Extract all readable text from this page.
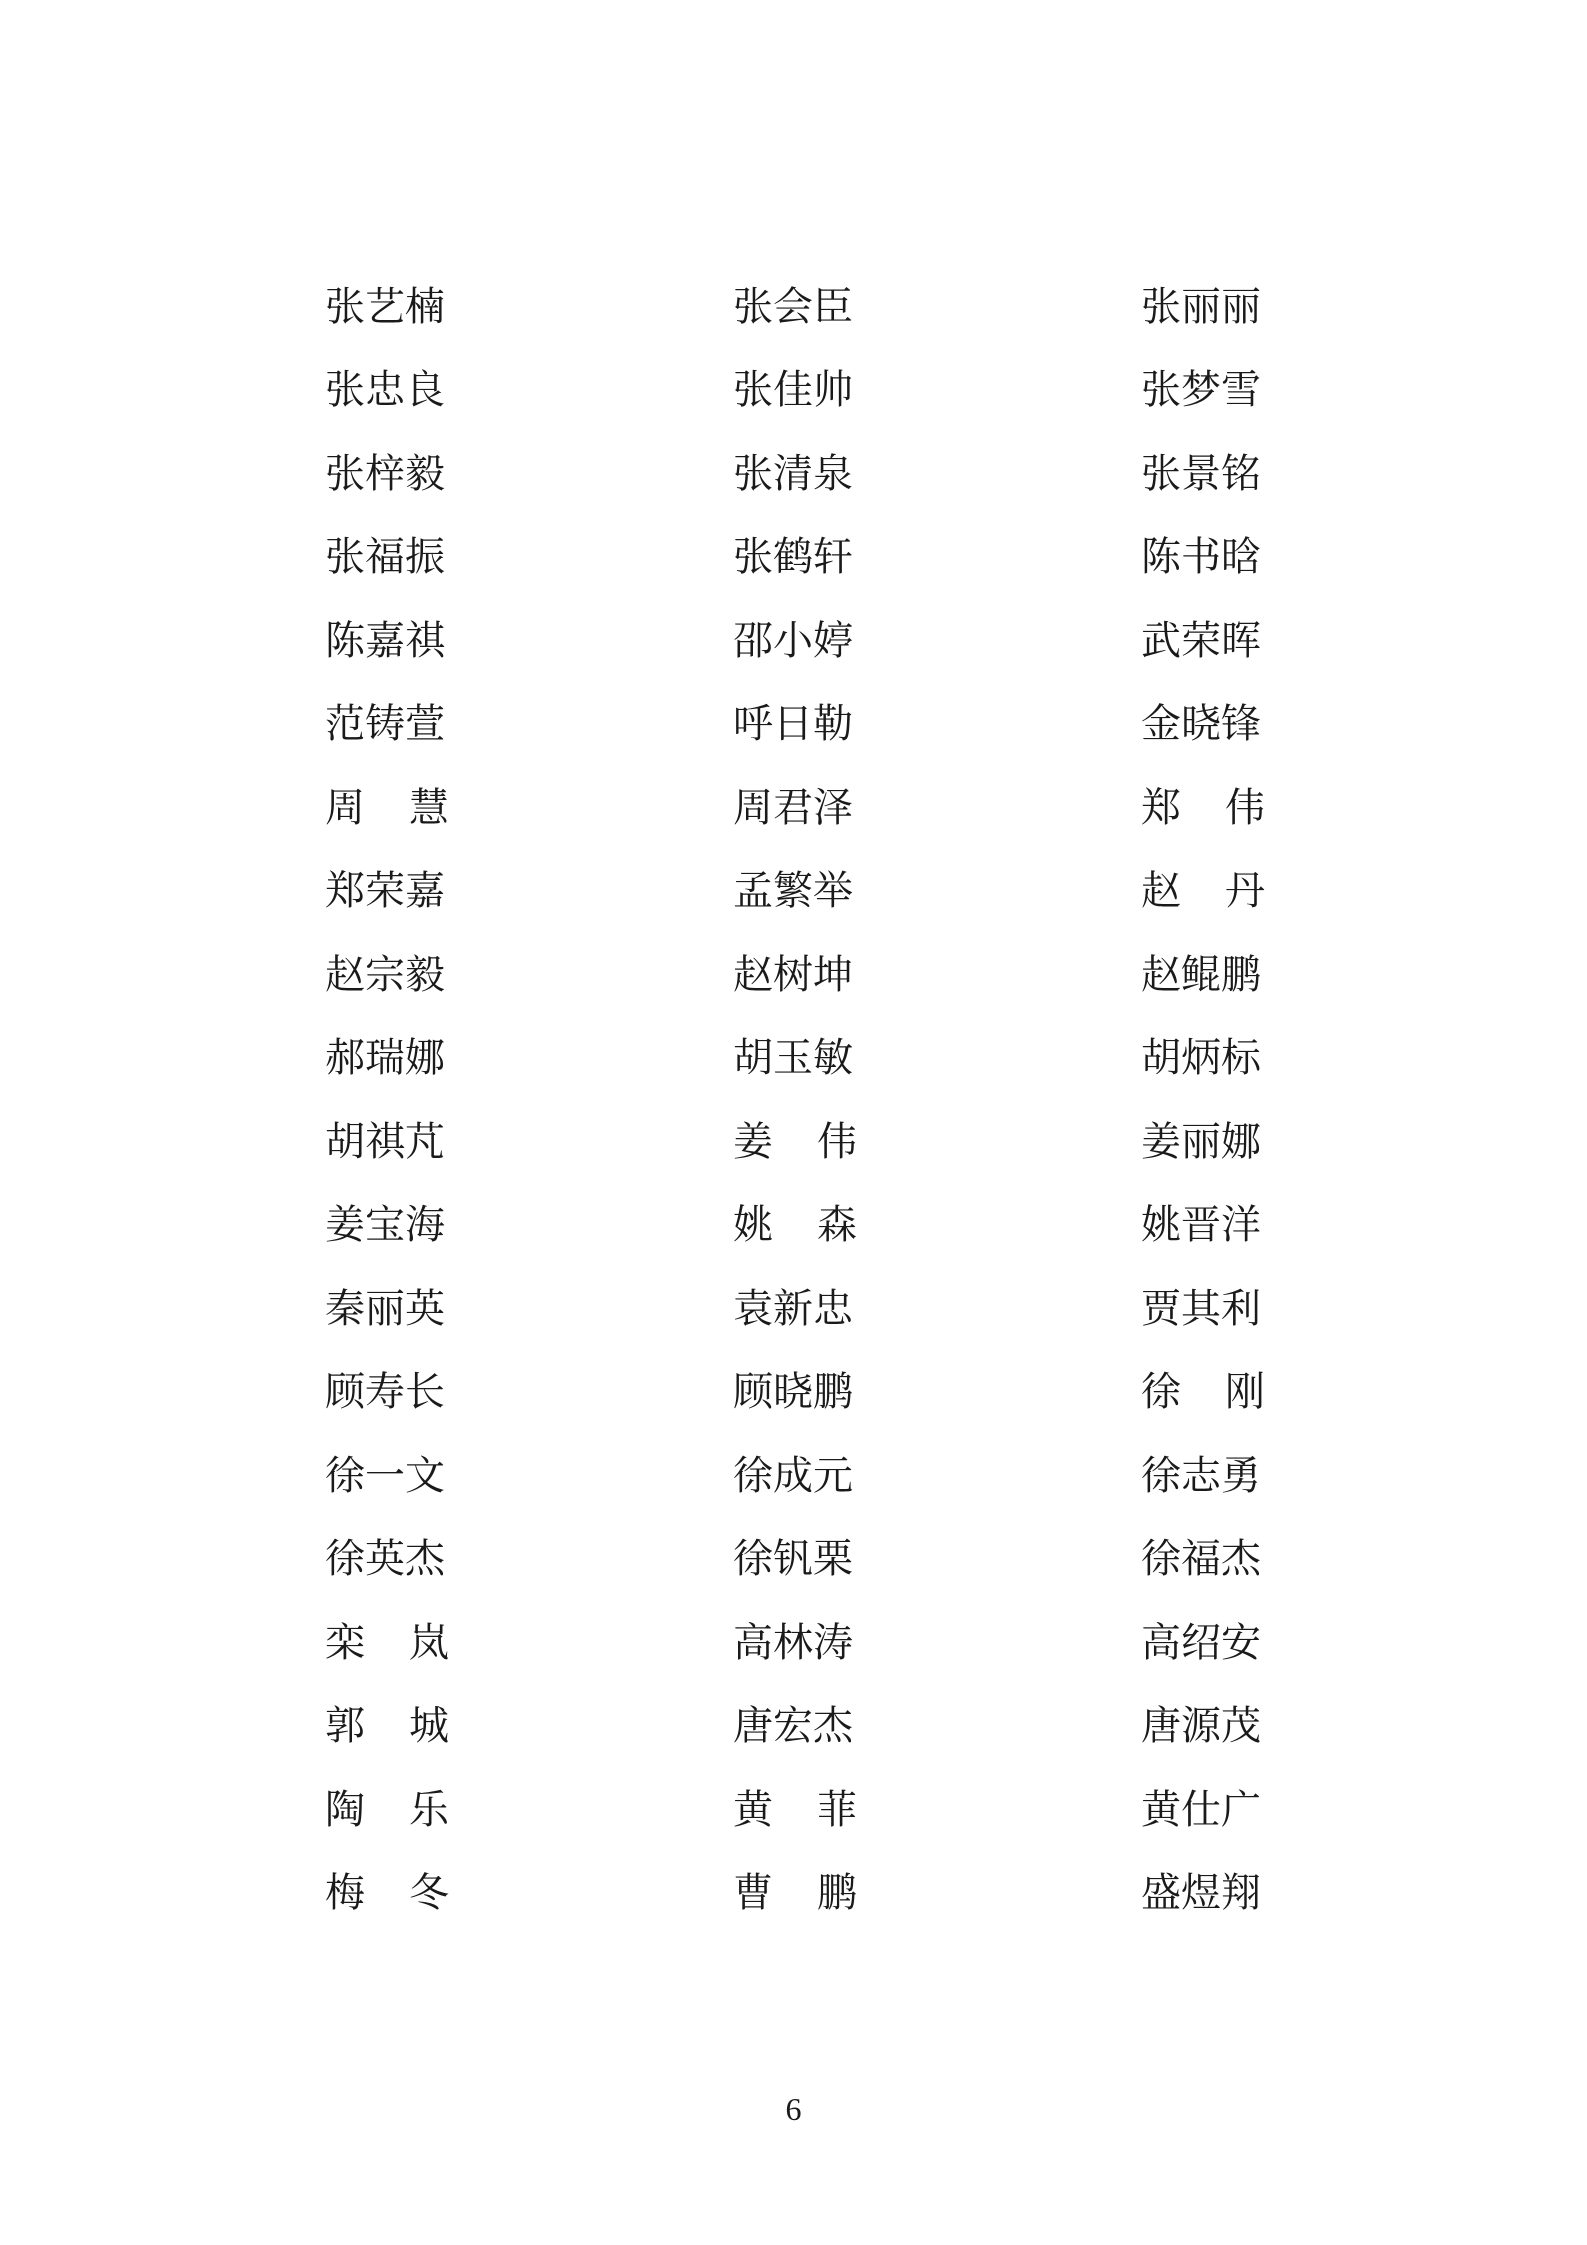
张艺楠	张会臣	张丽丽
张忠良	张佳帅	张梦雪
张梓毅	张清泉	张景铭
张福振	张鹤轩	陈书晗
陈嘉祺	邵小婷	武荣晖
范铸萱	呼日勒	金晓锋
周 慧	周君泽	郑 伟
郑荣嘉	孟繁举	赵 丹
赵宗毅	赵树坤	赵鲲鹏
郝瑞娜	胡玉敏	胡炳标
胡祺芃	姜 伟	姜丽娜
姜宝海	姚 森	姚晋洋
秦丽英	袁新忠	贾其利
顾寿长	顾晓鹏	徐 刚
徐一文	徐成元	徐志勇
徐英杰	徐钒栗	徐福杰
栾 岚	高林涛	高绍安
郭 城	唐宏杰	唐源茂
陶 乐	黄 菲	黄仕广
梅 冬	曹 鹏	盛煜翔
6
